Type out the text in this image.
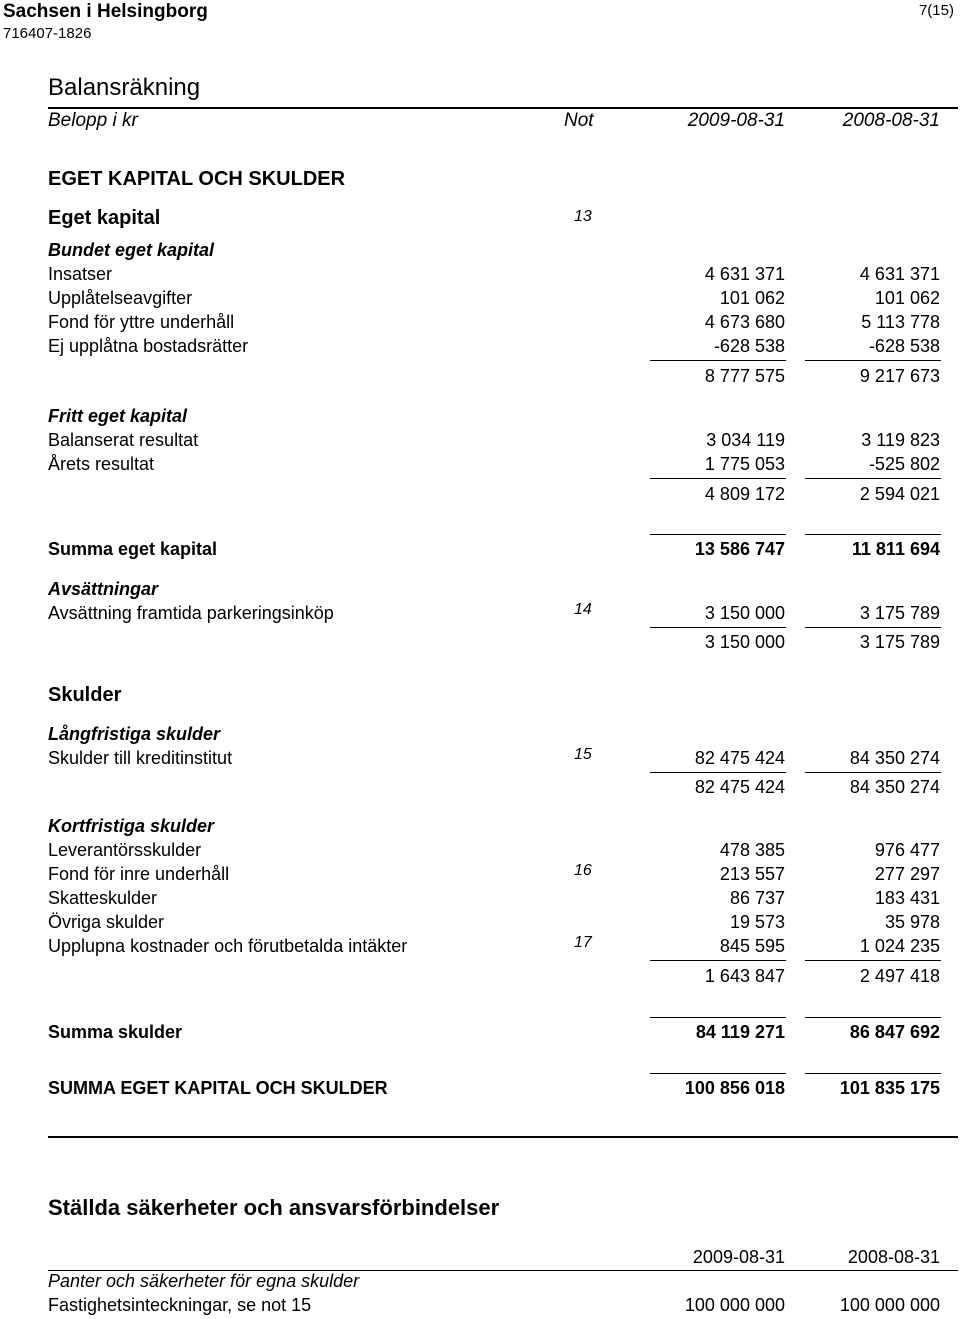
Sachsen i Helsingborg
716407-1826
7(15)
Balansräkning
Belopp i kr	Not	2009-08-31	2008-08-31
EGET KAPITAL OCH SKULDER
Eget kapital	13
Bundet eget kapital
Insatser	4 631 371	4 631 371
Upplåtelseavgifter	101 062	101 062
Fond för yttre underhåll	4 673 680	5 113 778
Ej upplåtna bostadsrätter	-628 538	-628 538
8 777 575	9 217 673
Fritt eget kapital
Balanserat resultat	3 034 119	3 119 823
Årets resultat	1 775 053	-525 802
4 809 172	2 594 021
Summa eget kapital	13 586 747	11 811 694
Avsättningar
Avsättning framtida parkeringsinköp	14	3 150 000	3 175 789
3 150 000	3 175 789
Skulder
Långfristiga skulder
Skulder till kreditinstitut	15	82 475 424	84 350 274
82 475 424	84 350 274
Kortfristiga skulder
Leverantörsskulder	478 385	976 477
Fond för inre underhåll	16	213 557	277 297
Skatteskulder	86 737	183 431
Övriga skulder	19 573	35 978
Upplupna kostnader och förutbetalda intäkter	17	845 595	1 024 235
1 643 847	2 497 418
Summa skulder	84 119 271	86 847 692
SUMMA EGET KAPITAL OCH SKULDER	100 856 018	101 835 175
Ställda säkerheter och ansvarsförbindelser
2009-08-31	2008-08-31
Panter och säkerheter för egna skulder
Fastighetsinteckningar, se not 15	100 000 000	100 000 000
